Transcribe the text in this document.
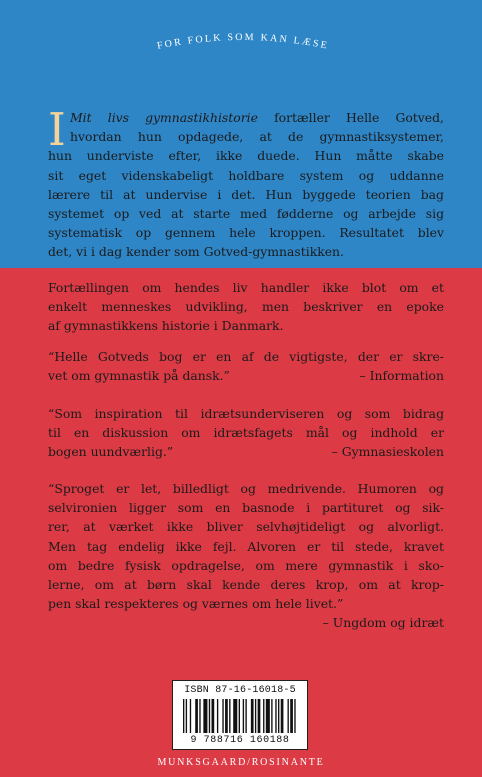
FOR FOLK SOM KAN LÆSE
I Mit livs gymnastikhistorie fortæller Helle Gotved,
hvordan hun opdagede, at de gymnastiksystemer,
hun underviste efter, ikke duede. Hun måtte skabe
sit eget videnskabeligt holdbare system og uddanne
lærere til at undervise i det. Hun byggede teorien bag
systemet op ved at starte med fødderne og arbejde sig
systematisk op gennem hele kroppen. Resultatet blev
det, vi i dag kender som Gotved-gymnastikken.
Fortællingen om hendes liv handler ikke blot om et
enkelt menneskes udvikling, men beskriver en epoke
af gymnastikkens historie i Danmark.
“Helle Gotveds bog er en af de vigtigste, der er skre-
vet om gymnastik på dansk.”	– Information
“Som inspiration til idrætsunderviseren og som bidrag
til en diskussion om idrætsfagets mål og indhold er
bogen uundværlig.”	– Gymnasieskolen
“Sproget er let, billedligt og medrivende. Humoren og
selvironien ligger som en basnode i partituret og sik-
rer, at værket ikke bliver selvhøjtideligt og alvorligt.
Men tag endelig ikke fejl. Alvoren er til stede, kravet
om bedre fysisk opdragelse, om mere gymnastik i sko-
lerne, om at børn skal kende deres krop, om at krop-
pen skal respekteres og værnes om hele livet.”
– Ungdom og idræt
ISBN 87-16-16018-5
9 788716 160188
MUNKSGAARD/ROSINANTE
